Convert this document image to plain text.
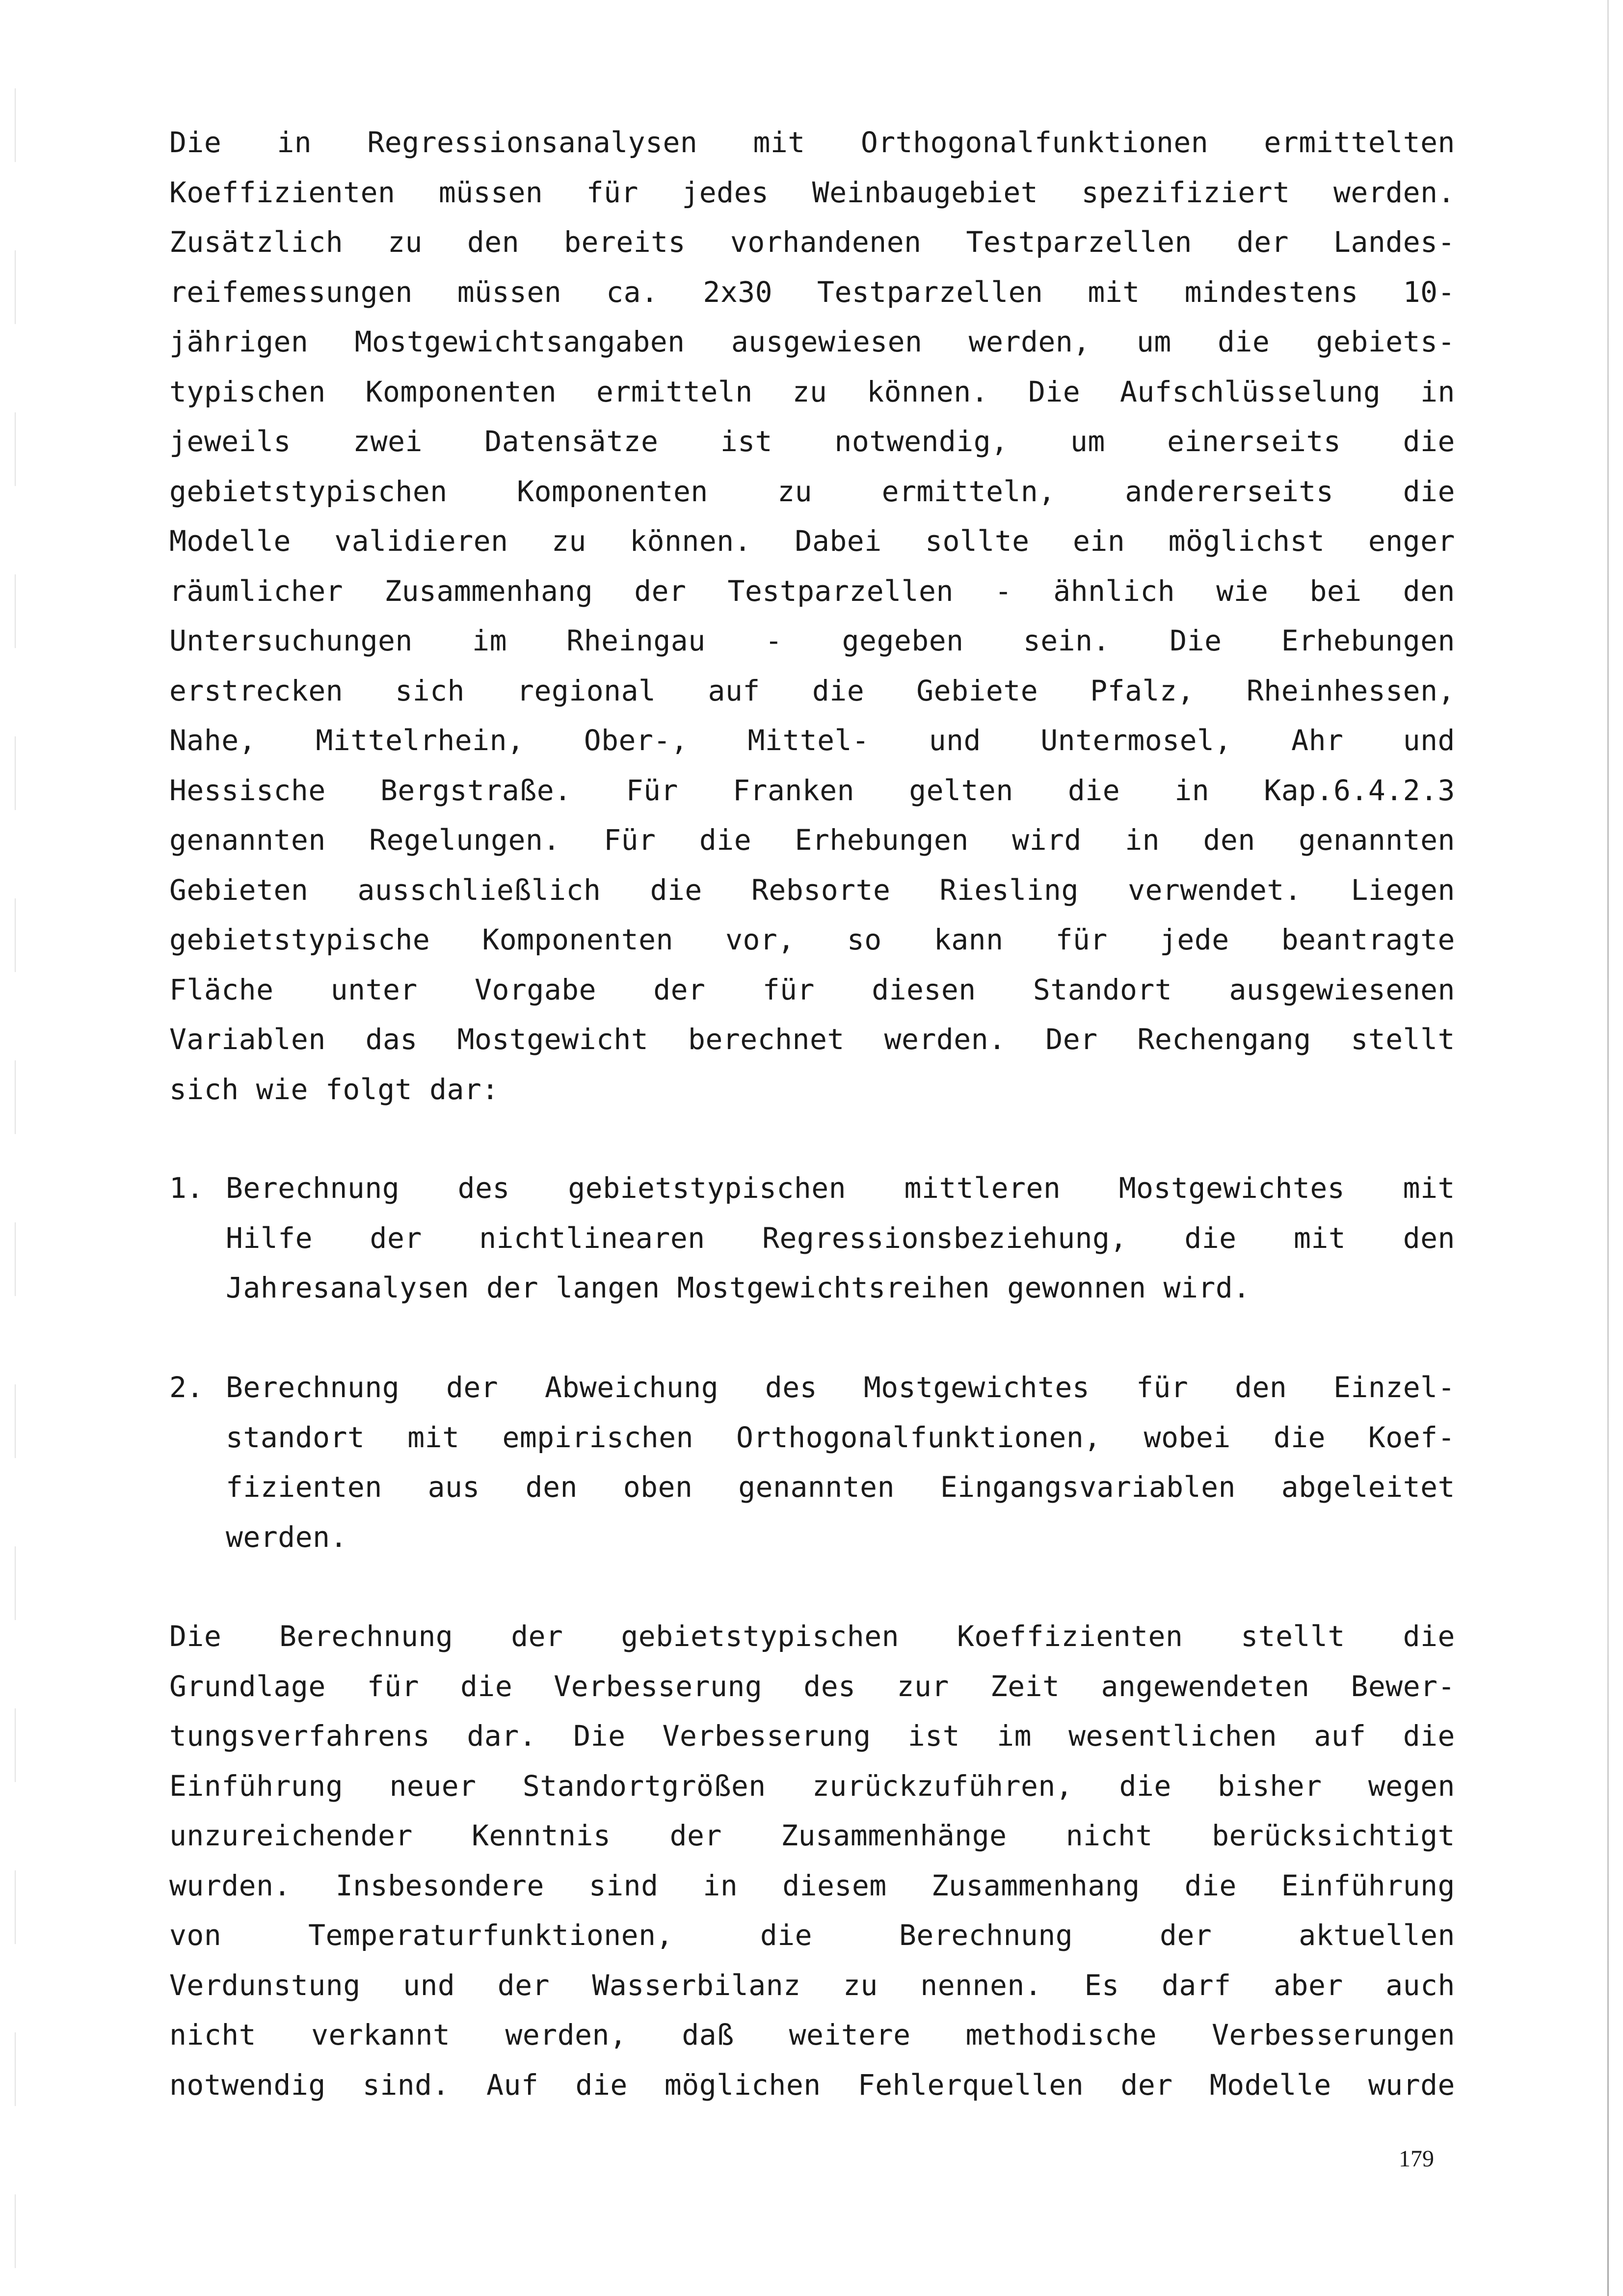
Die in Regressionsanalysen mit Orthogonalfunktionen ermittelten
Koeffizienten müssen für jedes Weinbaugebiet spezifiziert werden.
Zusätzlich zu den bereits vorhandenen Testparzellen der Landes-
reifemessungen müssen ca. 2x30 Testparzellen mit mindestens 10-
jährigen Mostgewichtsangaben ausgewiesen werden, um die gebiets-
typischen Komponenten ermitteln zu können. Die Aufschlüsselung in
jeweils zwei Datensätze ist notwendig, um einerseits die
gebietstypischen Komponenten zu ermitteln, andererseits die
Modelle validieren zu können. Dabei sollte ein möglichst enger
räumlicher Zusammenhang der Testparzellen - ähnlich wie bei den
Untersuchungen im Rheingau - gegeben sein. Die Erhebungen
erstrecken sich regional auf die Gebiete Pfalz, Rheinhessen,
Nahe, Mittelrhein, Ober-, Mittel- und Untermosel, Ahr und
Hessische Bergstraße. Für Franken gelten die in Kap.6.4.2.3
genannten Regelungen. Für die Erhebungen wird in den genannten
Gebieten ausschließlich die Rebsorte Riesling verwendet. Liegen
gebietstypische Komponenten vor, so kann für jede beantragte
Fläche unter Vorgabe der für diesen Standort ausgewiesenen
Variablen das Mostgewicht berechnet werden. Der Rechengang stellt
sich wie folgt dar:
1. Berechnung des gebietstypischen mittleren Mostgewichtes mit
Hilfe der nichtlinearen Regressionsbeziehung, die mit den
Jahresanalysen der langen Mostgewichtsreihen gewonnen wird.
2. Berechnung der Abweichung des Mostgewichtes für den Einzel-
standort mit empirischen Orthogonalfunktionen, wobei die Koef-
fizienten aus den oben genannten Eingangsvariablen abgeleitet
werden.
Die Berechnung der gebietstypischen Koeffizienten stellt die
Grundlage für die Verbesserung des zur Zeit angewendeten Bewer-
tungsverfahrens dar. Die Verbesserung ist im wesentlichen auf die
Einführung neuer Standortgrößen zurückzuführen, die bisher wegen
unzureichender Kenntnis der Zusammenhänge nicht berücksichtigt
wurden. Insbesondere sind in diesem Zusammenhang die Einführung
von	Temperaturfunktionen,	die	Berechnung	der	aktuellen
Verdunstung und der Wasserbilanz zu nennen. Es darf aber auch
nicht verkannt werden, daß weitere methodische Verbesserungen
notwendig sind. Auf die möglichen Fehlerquellen der Modelle wurde
179
